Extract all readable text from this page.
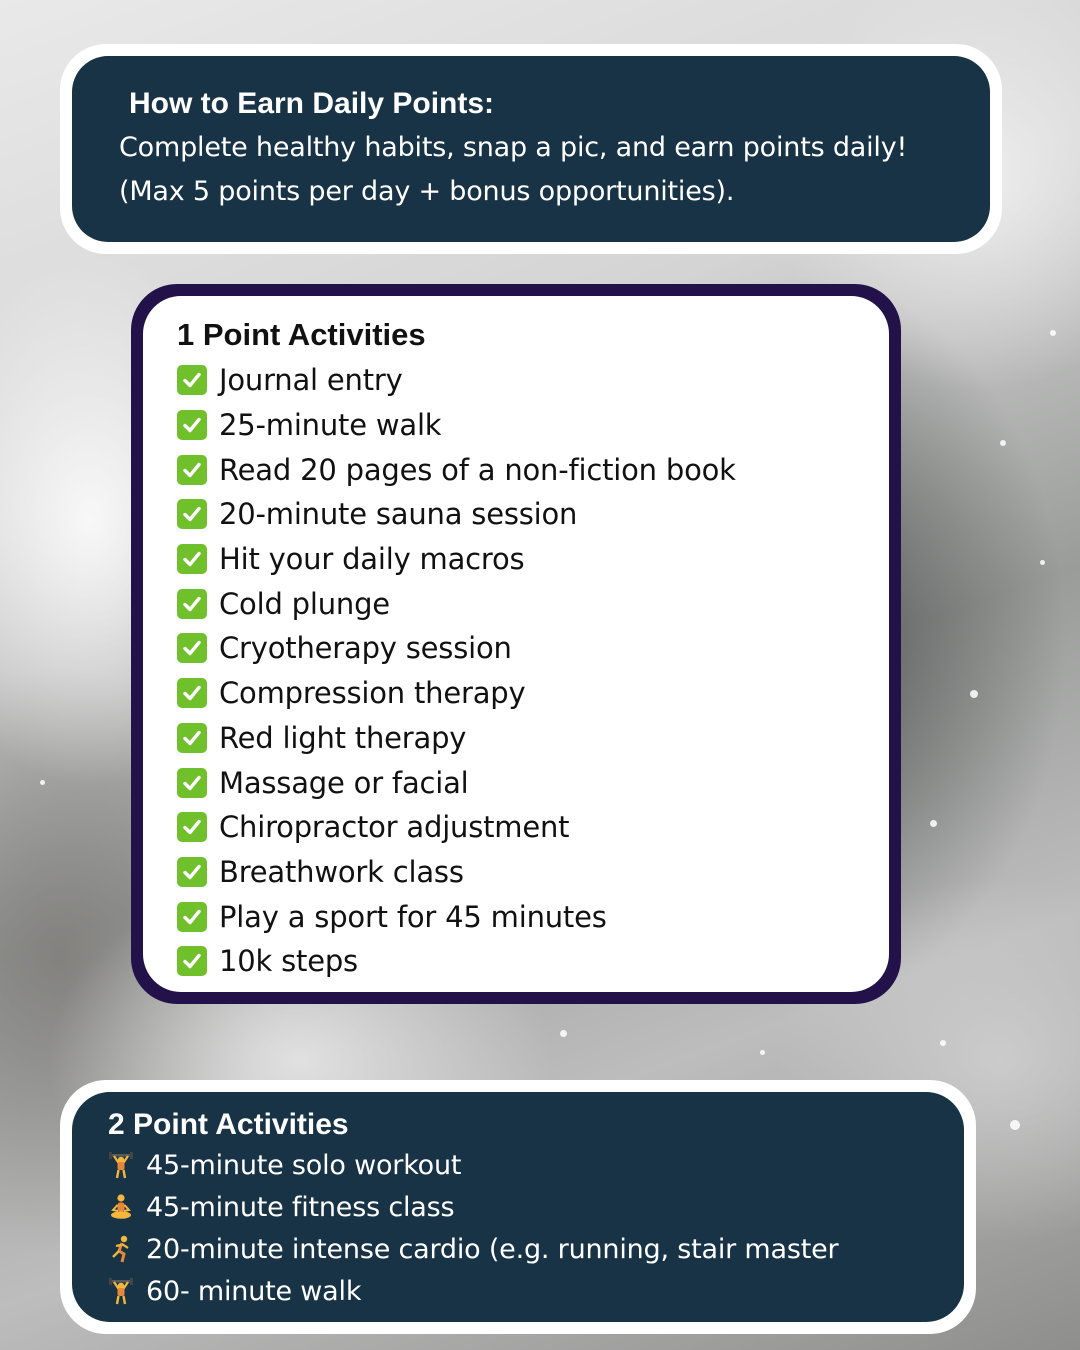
How to Earn Daily Points:
Complete healthy habits, snap a pic, and earn points daily! (Max 5 points per day + bonus opportunities).
1 Point Activities
Journal entry
25-minute walk
Read 20 pages of a non-fiction book
20-minute sauna session
Hit your daily macros
Cold plunge
Cryotherapy session
Compression therapy
Red light therapy
Massage or facial
Chiropractor adjustment
Breathwork class
Play a sport for 45 minutes
10k steps
2 Point Activities
45-minute solo workout
45-minute fitness class
20-minute intense cardio (e.g. running, stair master
60- minute walk
